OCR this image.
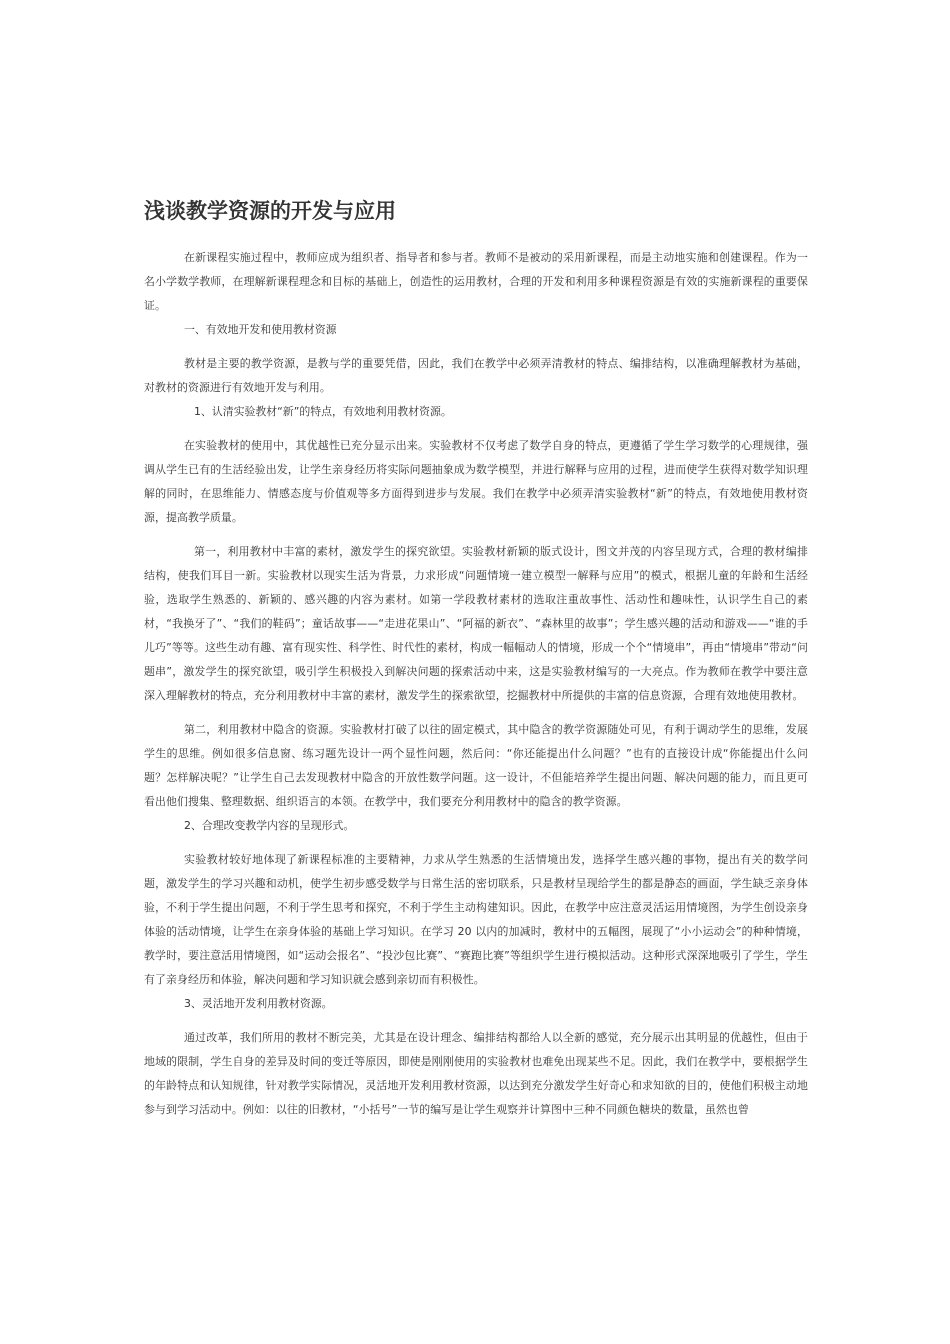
浅谈教学资源的开发与应用

在新课程实施过程中，教师应成为组织者、指导者和参与者。教师不是被动的采用新课程，而是主动地实施和创建课程。作为一名小学数学教师，在理解新课程理念和目标的基础上，创造性的运用教材，合理的开发和利用多种课程资源是有效的实施新课程的重要保证。

一、有效地开发和使用教材资源

教材是主要的教学资源，是教与学的重要凭借，因此，我们在教学中必须弄清教材的特点、编排结构，以准确理解教材为基础，对教材的资源进行有效地开发与利用。

1、认清实验教材“新”的特点，有效地利用教材资源。

在实验教材的使用中，其优越性已充分显示出来。实验教材不仅考虑了数学自身的特点，更遵循了学生学习数学的心理规律，强调从学生已有的生活经验出发，让学生亲身经历将实际问题抽象成为数学模型，并进行解释与应用的过程，进而使学生获得对数学知识理解的同时，在思维能力、情感态度与价值观等多方面得到进步与发展。我们在教学中必须弄清实验教材“新”的特点，有效地使用教材资源，提高教学质量。

第一，利用教材中丰富的素材，激发学生的探究欲望。实验教材新颖的版式设计，图文并茂的内容呈现方式，合理的教材编排结构，使我们耳目一新。实验教材以现实生活为背景，力求形成“问题情境一建立模型一解释与应用”的模式，根据儿童的年龄和生活经验，选取学生熟悉的、新颖的、感兴趣的内容为素材。如第一学段教材素材的选取注重故事性、活动性和趣味性，认识学生自己的素材，“我换牙了”、“我们的鞋码”；童话故事——“走进花果山”、“阿福的新衣”、“森林里的故事”；学生感兴趣的活动和游戏——“谁的手儿巧”等等。这些生动有趣、富有现实性、科学性、时代性的素材，构成一幅幅动人的情境，形成一个个“情境串”，再由“情境串”带动“问题串”，激发学生的探究欲望，吸引学生积极投入到解决问题的探索活动中来，这是实验教材编写的一大亮点。作为教师在教学中要注意深入理解教材的特点，充分利用教材中丰富的素材，激发学生的探索欲望，挖掘教材中所提供的丰富的信息资源，合理有效地使用教材。

第二，利用教材中隐含的资源。实验教材打破了以往的固定模式，其中隐含的教学资源随处可见，有利于调动学生的思维，发展学生的思维。例如很多信息窗、练习题先设计一两个显性问题，然后问：“你还能提出什么问题？”也有的直接设计成“你能提出什么问题？怎样解决呢？”让学生自己去发现教材中隐含的开放性数学问题。这一设计，不但能培养学生提出问题、解决问题的能力，而且更可看出他们搜集、整理数据、组织语言的本领。在教学中，我们要充分利用教材中的隐含的教学资源。

2、合理改变教学内容的呈现形式。

实验教材较好地体现了新课程标准的主要精神，力求从学生熟悉的生活情境出发，选择学生感兴趣的事物，提出有关的数学问题，激发学生的学习兴趣和动机，使学生初步感受数学与日常生活的密切联系，只是教材呈现给学生的都是静态的画面，学生缺乏亲身体验，不利于学生提出问题，不利于学生思考和探究，不利于学生主动构建知识。因此，在教学中应注意灵活运用情境图，为学生创设亲身体验的活动情境，让学生在亲身体验的基础上学习知识。在学习 20 以内的加减时，教材中的五幅图，展现了“小小运动会”的种种情境，教学时，要注意活用情境图，如“运动会报名”、“投沙包比赛”、“赛跑比赛”等组织学生进行模拟活动。这种形式深深地吸引了学生，学生有了亲身经历和体验，解决问题和学习知识就会感到亲切而有积极性。

3、灵活地开发利用教材资源。

通过改革，我们所用的教材不断完美，尤其是在设计理念、编排结构都给人以全新的感觉，充分展示出其明显的优越性，但由于地域的限制，学生自身的差异及时间的变迁等原因，即使是刚刚使用的实验教材也难免出现某些不足。因此，我们在教学中，要根据学生的年龄特点和认知规律，针对教学实际情况，灵活地开发利用教材资源，以达到充分激发学生好奇心和求知欲的目的，使他们积极主动地参与到学习活动中。例如：以往的旧教材，“小括号”一节的编写是让学生观察并计算图中三种不同颜色糖块的数量，虽然也曾
